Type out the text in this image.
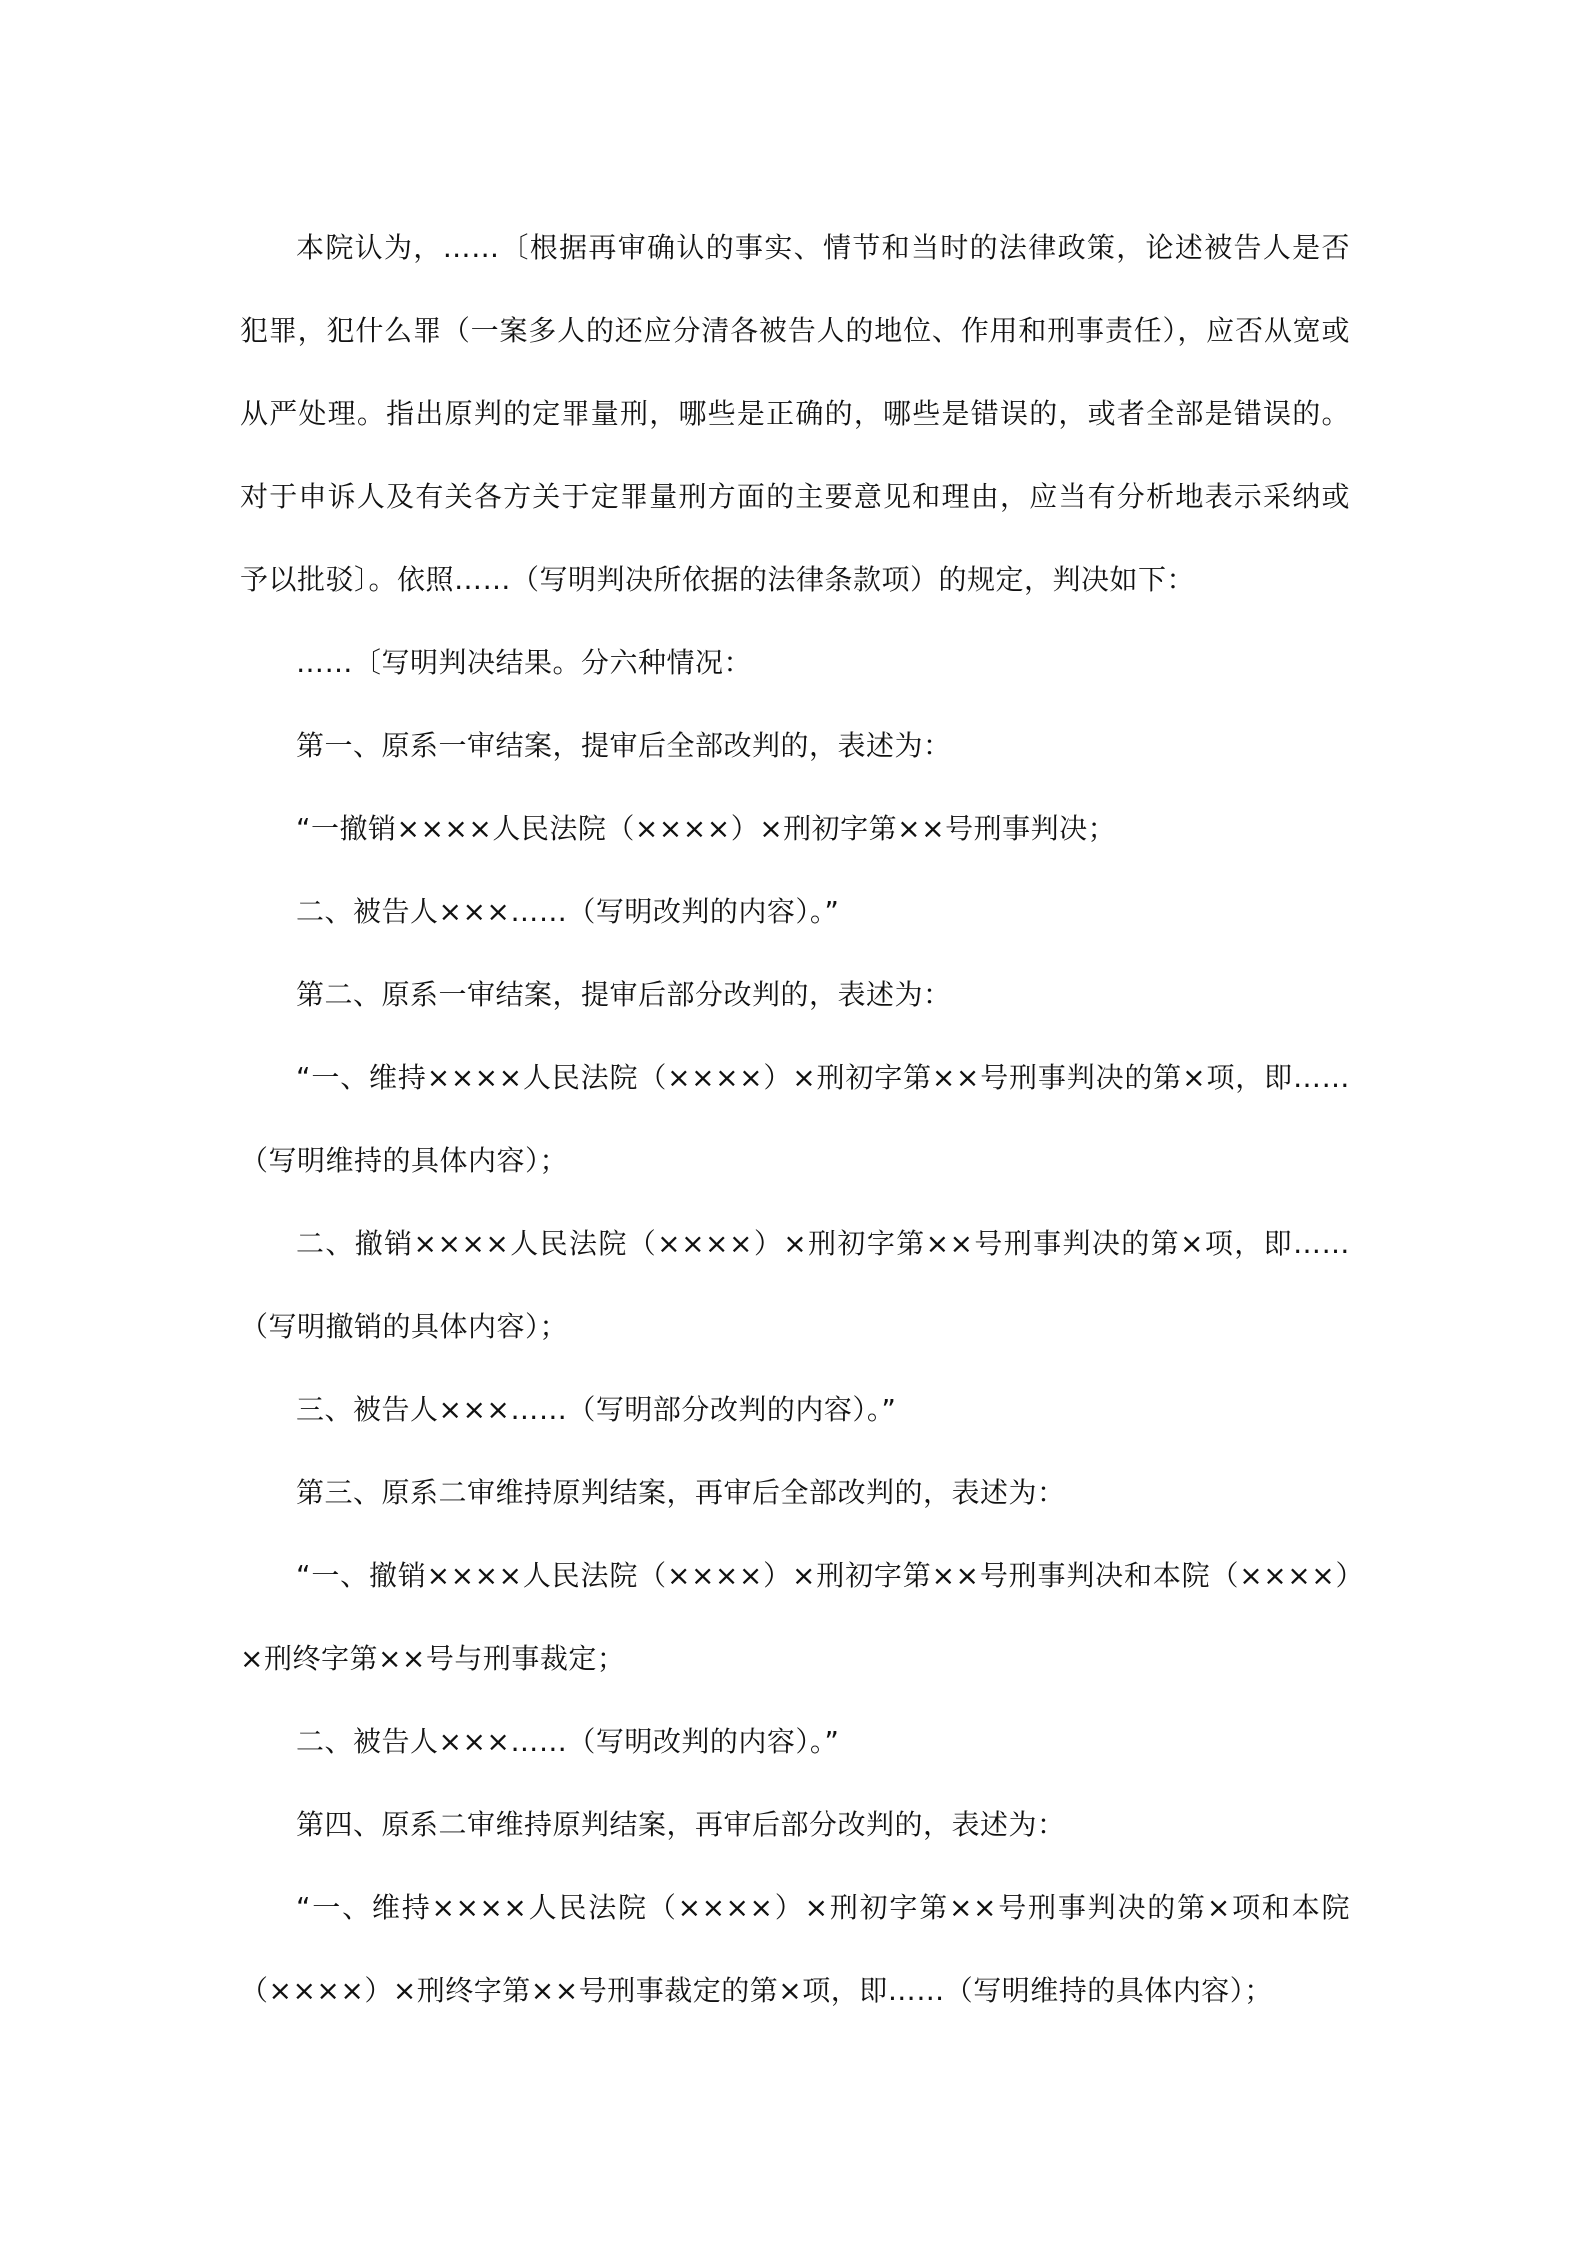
本院认为，……〔根据再审确认的事实、情节和当时的法律政策，论述被告人是否犯罪，犯什么罪（一案多人的还应分清各被告人的地位、作用和刑事责任），应否从宽或从严处理。指出原判的定罪量刑，哪些是正确的，哪些是错误的，或者全部是错误的。对于申诉人及有关各方关于定罪量刑方面的主要意见和理由，应当有分析地表示采纳或予以批驳〕。依照……（写明判决所依据的法律条款项）的规定，判决如下：

……〔写明判决结果。分六种情况：

第一、原系一审结案，提审后全部改判的，表述为：

“一撤销××××人民法院（××××）×刑初字第××号刑事判决；

二、被告人×××……（写明改判的内容）。”

第二、原系一审结案，提审后部分改判的，表述为：

“一、维持××××人民法院（××××）×刑初字第××号刑事判决的第×项，即……（写明维持的具体内容）；

二、撤销××××人民法院（××××）×刑初字第××号刑事判决的第×项，即……（写明撤销的具体内容）；

三、被告人×××……（写明部分改判的内容）。”

第三、原系二审维持原判结案，再审后全部改判的，表述为：

“一、撤销××××人民法院（××××）×刑初字第××号刑事判决和本院（××××）×刑终字第××号与刑事裁定；

二、被告人×××……（写明改判的内容）。”

第四、原系二审维持原判结案，再审后部分改判的，表述为：

“一、维持××××人民法院（××××）×刑初字第××号刑事判决的第×项和本院（××××）×刑终字第××号刑事裁定的第×项，即……（写明维持的具体内容）；
